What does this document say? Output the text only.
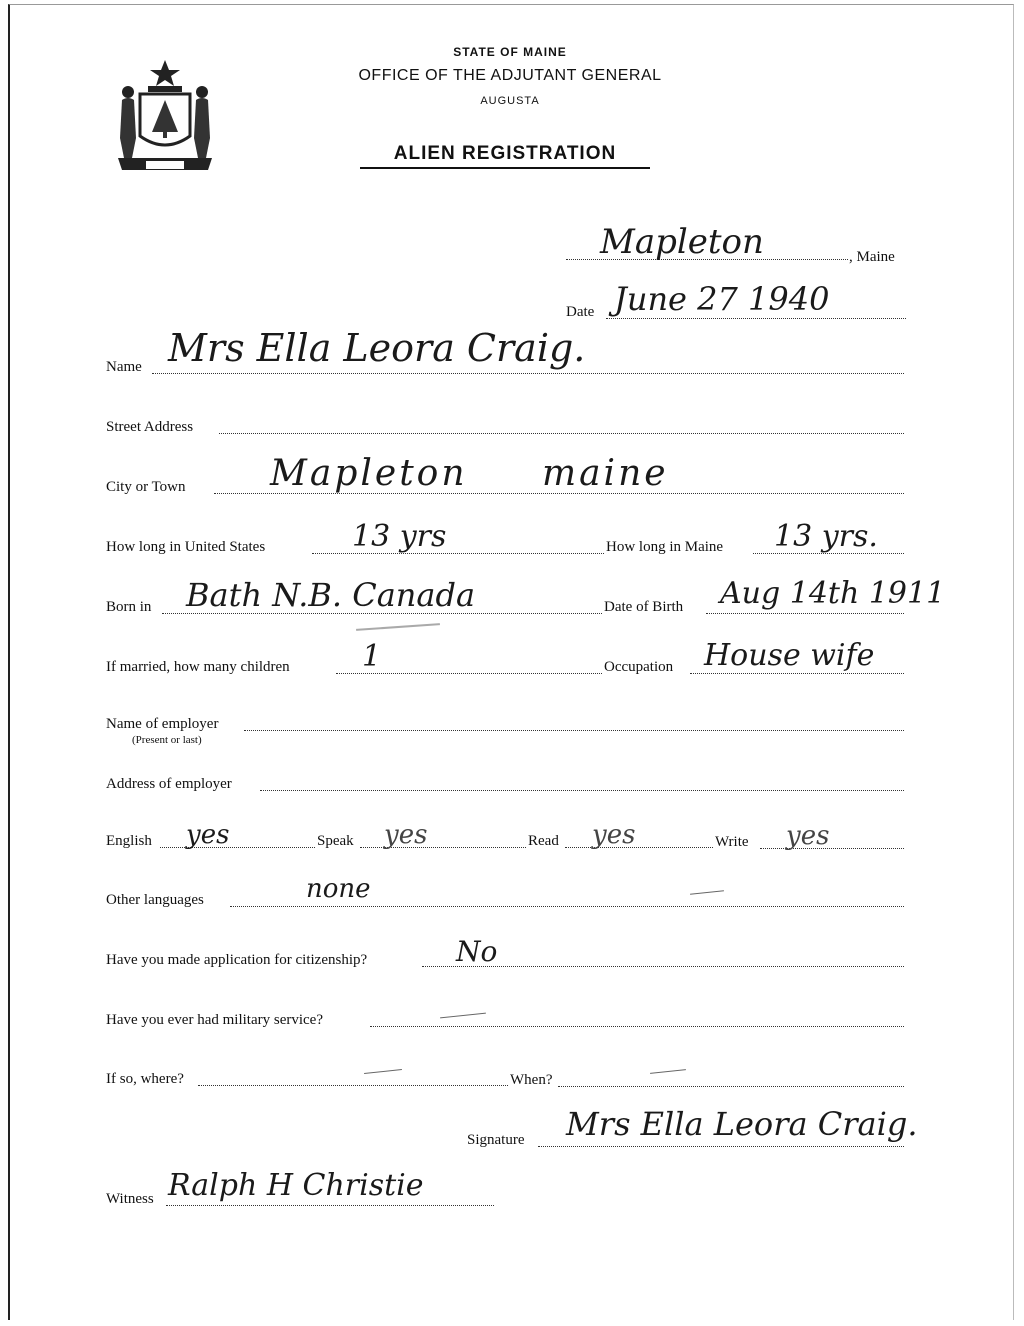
STATE OF MAINE
OFFICE OF THE ADJUTANT GENERAL
AUGUSTA
ALIEN REGISTRATION
Mapleton	, Maine
Date June 27 1940
Name Mrs Ella Leora Craig.
Street Address
City or Town Mapleton maine
How long in United States	13 yrs	How long in Maine 13 yrs.
Born in Bath N.B. Canada	Date of Birth Aug 14th 1911
If married, how many children 1	Occupation House wife
Name of employer
(Present or last)
Address of employer
English yes	Speak yes	Read yes	Write yes
Other languages	none
Have you made application for citizenship?	No
Have you ever had military service?
If so, where?	When?
Signature Mrs Ella Leora Craig.
Witness Ralph H Christie
